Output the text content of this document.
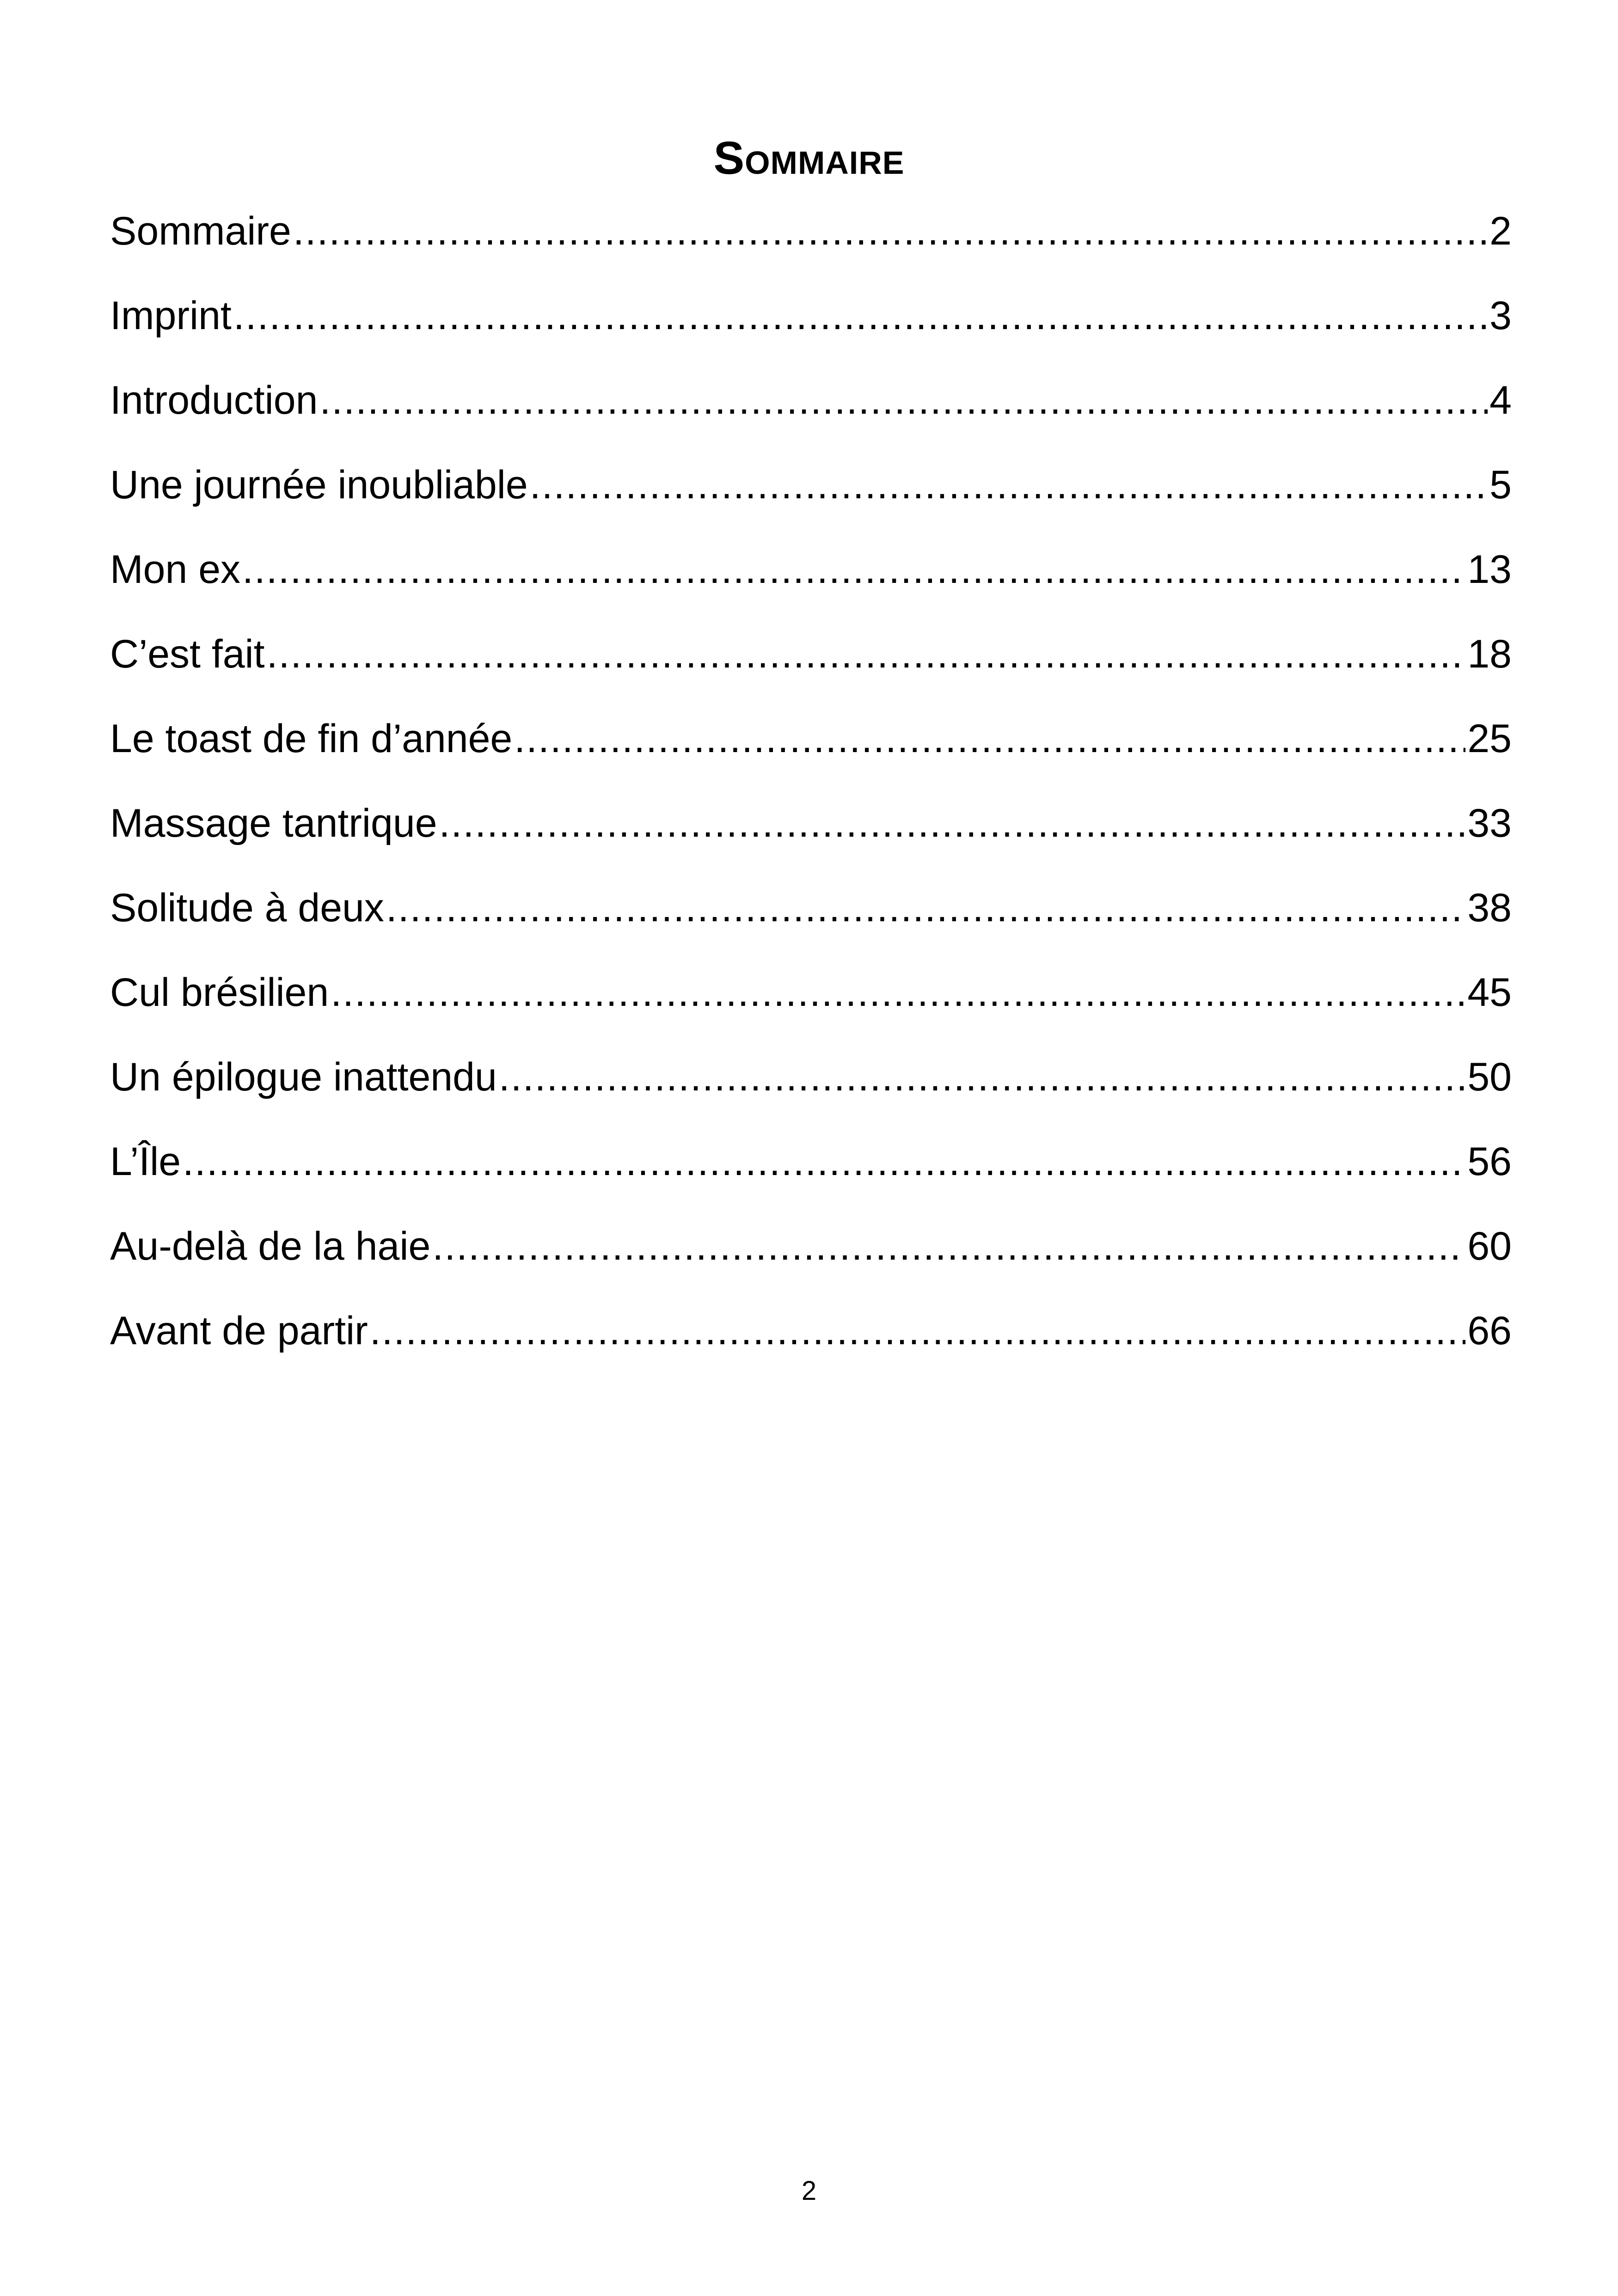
Sommaire
Sommaire .....	2
Imprint .....	3
Introduction .....	4
Une journée inoubliable .....	5
Mon ex .....	13
C’est fait .....	18
Le toast de fin d’année .....	25
Massage tantrique .....	33
Solitude à deux .....	38
Cul brésilien .....	45
Un épilogue inattendu .....	50
L’Île .....	56
Au-delà de la haie .....	60
Avant de partir .....	66
2
